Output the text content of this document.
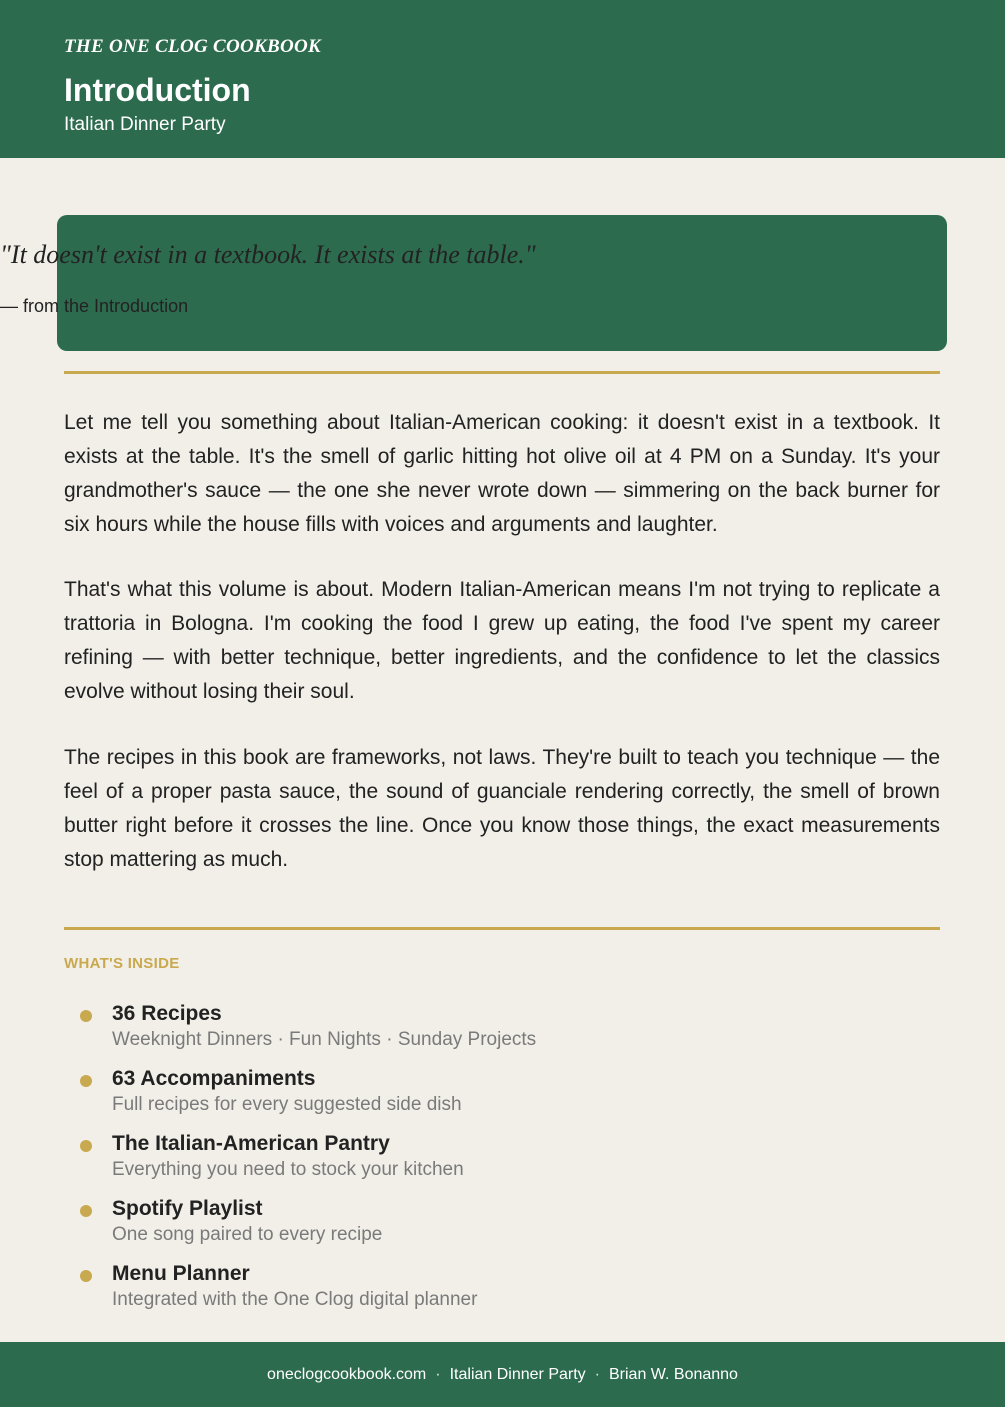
THE ONE CLOG COOKBOOK
Introduction
Italian Dinner Party
"It doesn't exist in a textbook. It exists at the table."
— from the Introduction
Let me tell you something about Italian-American cooking: it doesn't exist in a textbook. It exists at the table. It's the smell of garlic hitting hot olive oil at 4 PM on a Sunday. It's your grandmother's sauce — the one she never wrote down — simmering on the back burner for six hours while the house fills with voices and arguments and laughter.
That's what this volume is about. Modern Italian-American means I'm not trying to replicate a trattoria in Bologna. I'm cooking the food I grew up eating, the food I've spent my career refining — with better technique, better ingredients, and the confidence to let the classics evolve without losing their soul.
The recipes in this book are frameworks, not laws. They're built to teach you technique — the feel of a proper pasta sauce, the sound of guanciale rendering correctly, the smell of brown butter right before it crosses the line. Once you know those things, the exact measurements stop mattering as much.
WHAT'S INSIDE
36 Recipes
Weeknight Dinners · Fun Nights · Sunday Projects
63 Accompaniments
Full recipes for every suggested side dish
The Italian-American Pantry
Everything you need to stock your kitchen
Spotify Playlist
One song paired to every recipe
Menu Planner
Integrated with the One Clog digital planner
oneclogcookbook.com · Italian Dinner Party · Brian W. Bonanno
